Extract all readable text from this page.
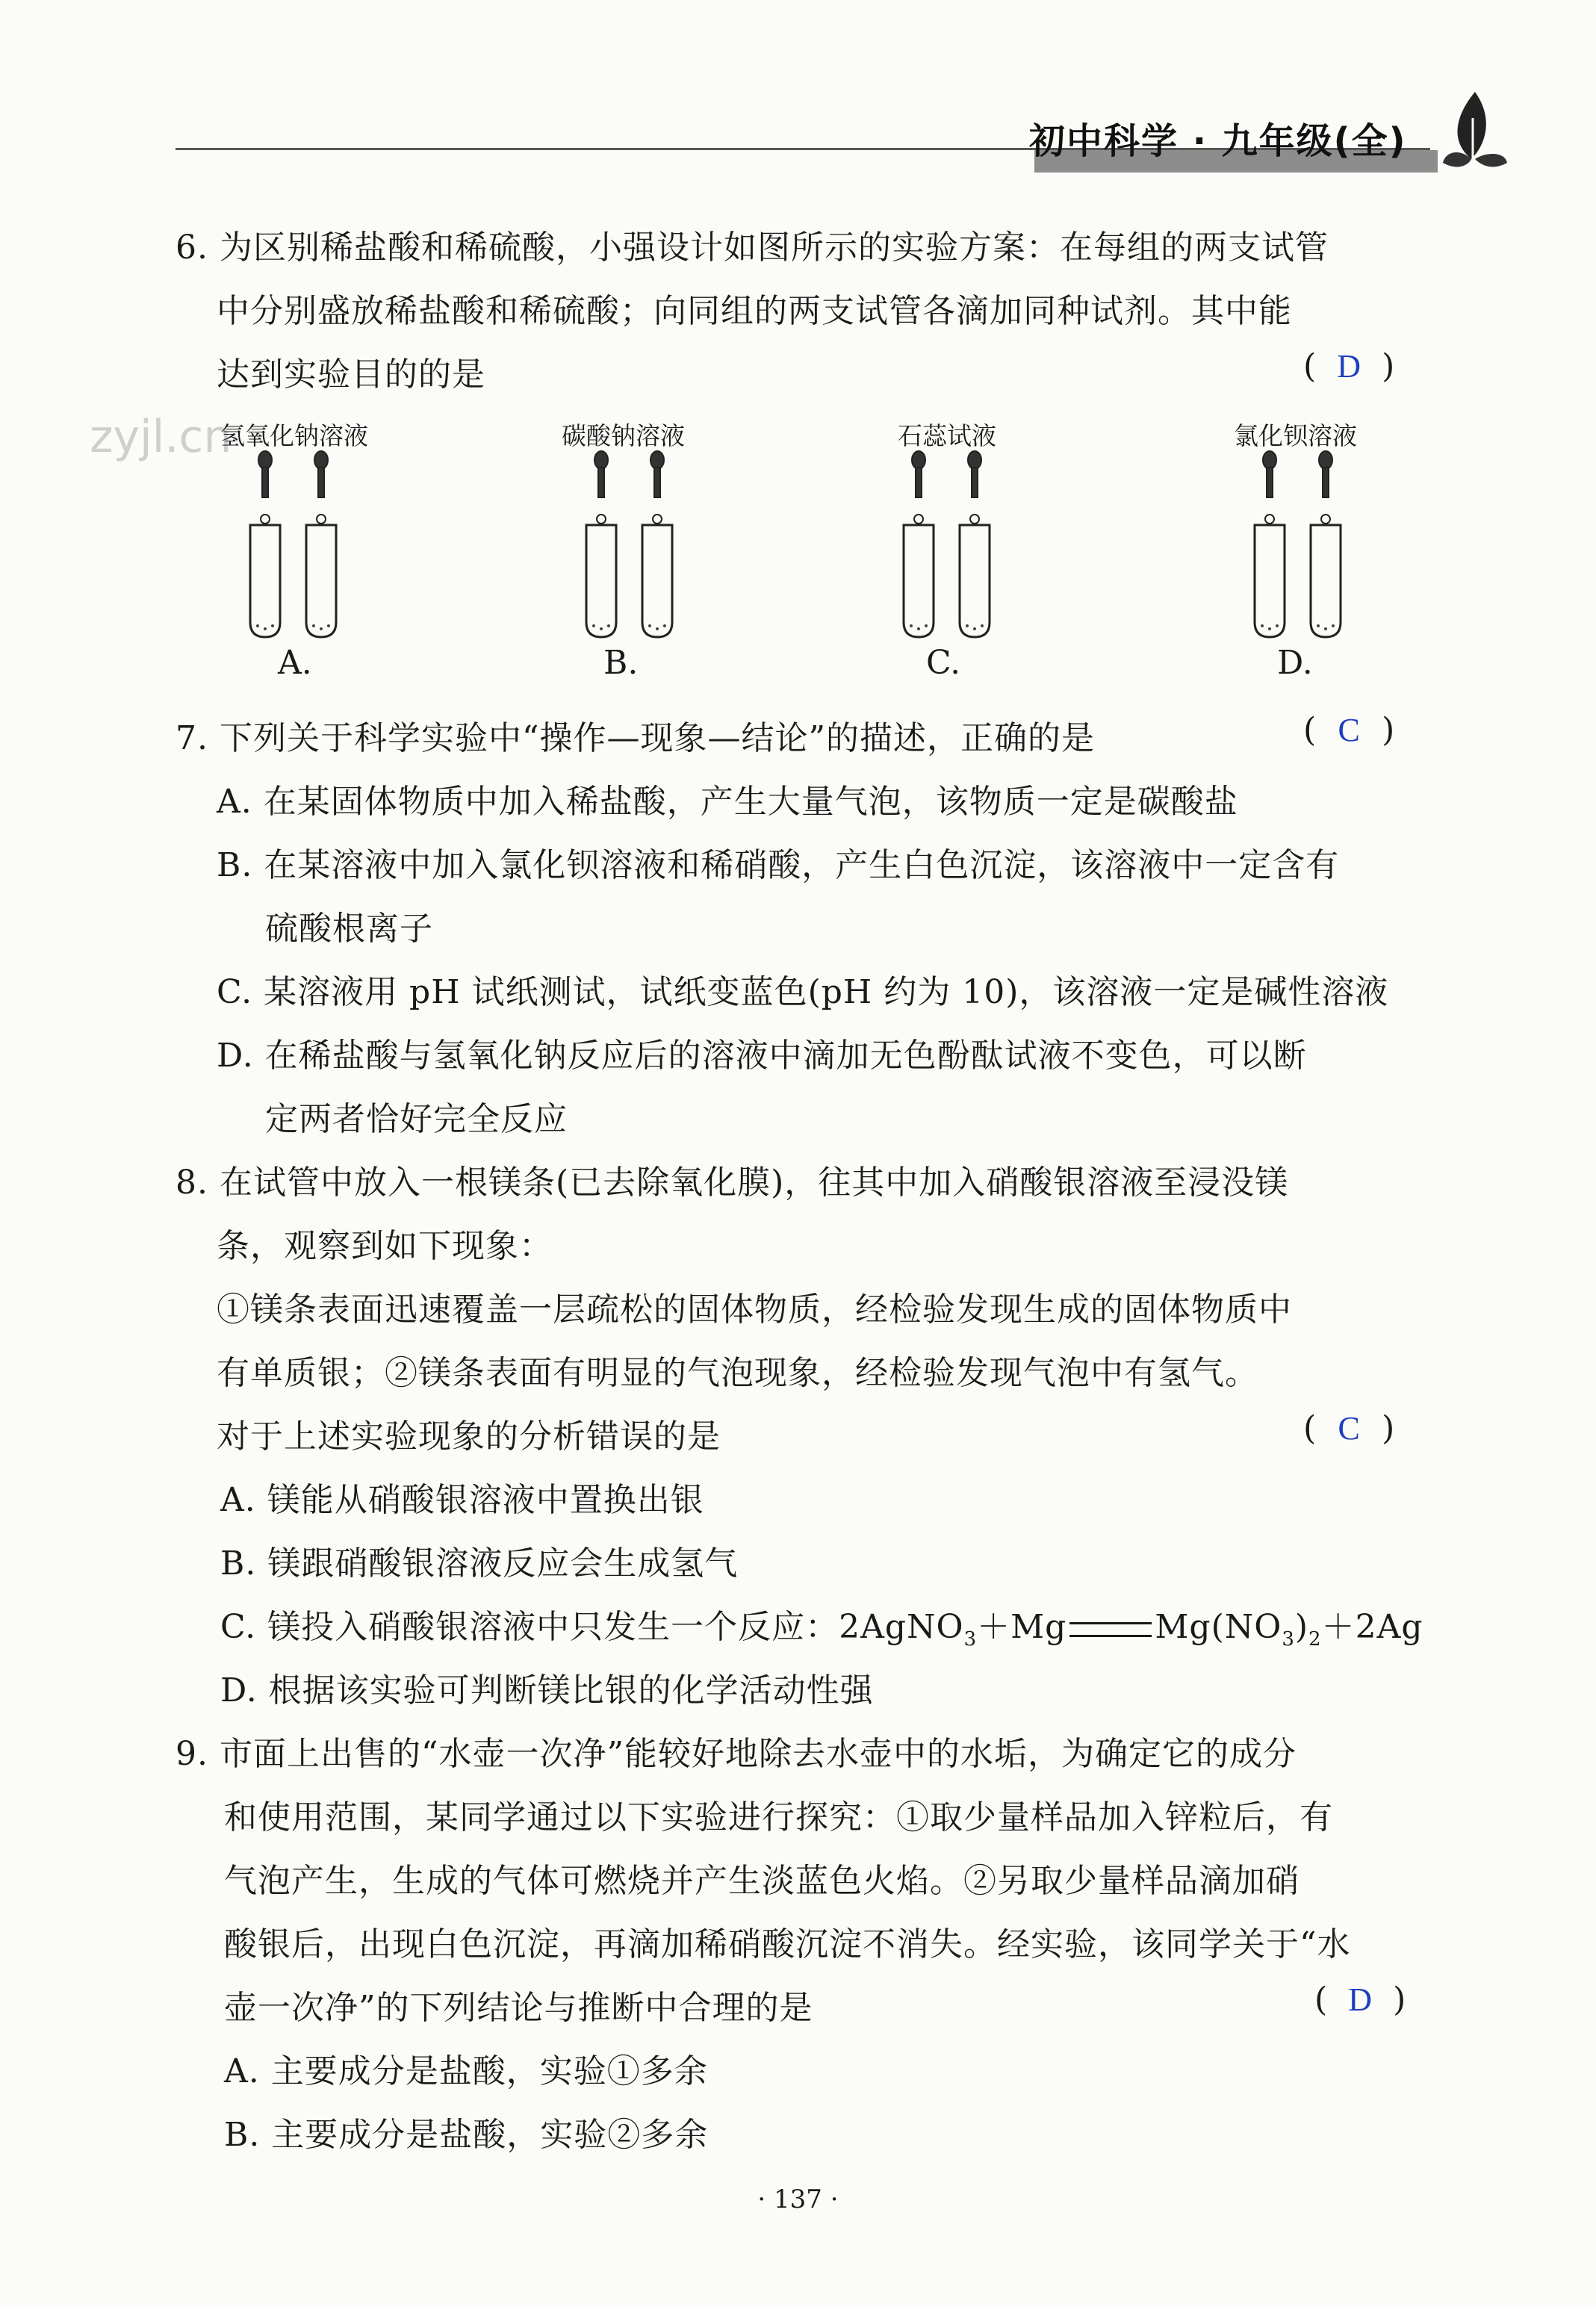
初中科学 · 九年级(全)
zyjl.cn
6. 为区别稀盐酸和稀硫酸，小强设计如图所示的实验方案：在每组的两支试管
中分别盛放稀盐酸和稀硫酸；向同组的两支试管各滴加同种试剂。其中能
达到实验目的的是	( D )
氢氧化钠溶液	碳酸钠溶液	石蕊试液	氯化钡溶液
A.	B.	C.	D.
7. 下列关于科学实验中“操作—现象—结论”的描述，正确的是	( C )
A. 在某固体物质中加入稀盐酸，产生大量气泡，该物质一定是碳酸盐
B. 在某溶液中加入氯化钡溶液和稀硝酸，产生白色沉淀，该溶液中一定含有
硫酸根离子
C. 某溶液用 pH 试纸测试，试纸变蓝色(pH 约为 10)，该溶液一定是碱性溶液
D. 在稀盐酸与氢氧化钠反应后的溶液中滴加无色酚酞试液不变色，可以断
定两者恰好完全反应
8. 在试管中放入一根镁条(已去除氧化膜)，往其中加入硝酸银溶液至浸没镁
条，观察到如下现象：
①镁条表面迅速覆盖一层疏松的固体物质，经检验发现生成的固体物质中
有单质银；②镁条表面有明显的气泡现象，经检验发现气泡中有氢气。
对于上述实验现象的分析错误的是	( C )
A. 镁能从硝酸银溶液中置换出银
B. 镁跟硝酸银溶液反应会生成氢气
C. 镁投入硝酸银溶液中只发生一个反应：2AgNO$_3$＋Mg	$Mg(NO_3)_2+2Ag$
D. 根据该实验可判断镁比银的化学活动性强
9. 市面上出售的“水壶一次净”能较好地除去水壶中的水垢，为确定它的成分
和使用范围，某同学通过以下实验进行探究：①取少量样品加入锌粒后，有
气泡产生，生成的气体可燃烧并产生淡蓝色火焰。②另取少量样品滴加硝
酸银后，出现白色沉淀，再滴加稀硝酸沉淀不消失。经实验，该同学关于“水
壶一次净”的下列结论与推断中合理的是	( D )
A. 主要成分是盐酸，实验①多余
B. 主要成分是盐酸，实验②多余
· 137 ·
